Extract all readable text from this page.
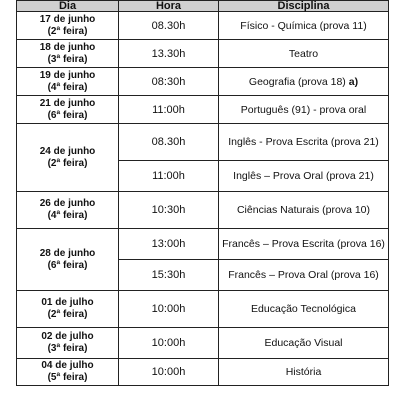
Dia	Hora	Disciplina
17 de junho
(2ª feira)	08.30h	Físico - Química (prova 11)
18 de junho
(3ª feira)	13.30h	Teatro
19 de junho
(4ª feira)	08:30h	Geografia (prova 18) a)
21 de junho
(6ª feira)	11:00h	Português (91) - prova oral
24 de junho
(2ª feira)	08.30h	Inglês - Prova Escrita (prova 21)
	11:00h	Inglês – Prova Oral (prova 21)
26 de junho
(4ª feira)	10:30h	Ciências Naturais (prova 10)
28 de junho
(6ª feira)	13:00h	Francês – Prova Escrita (prova 16)
	15:30h	Francês – Prova Oral (prova 16)
01 de julho
(2ª feira)	10:00h	Educação Tecnológica
02 de julho
(3ª feira)	10:00h	Educação Visual
04 de julho
(5ª feira)	10:00h	História
